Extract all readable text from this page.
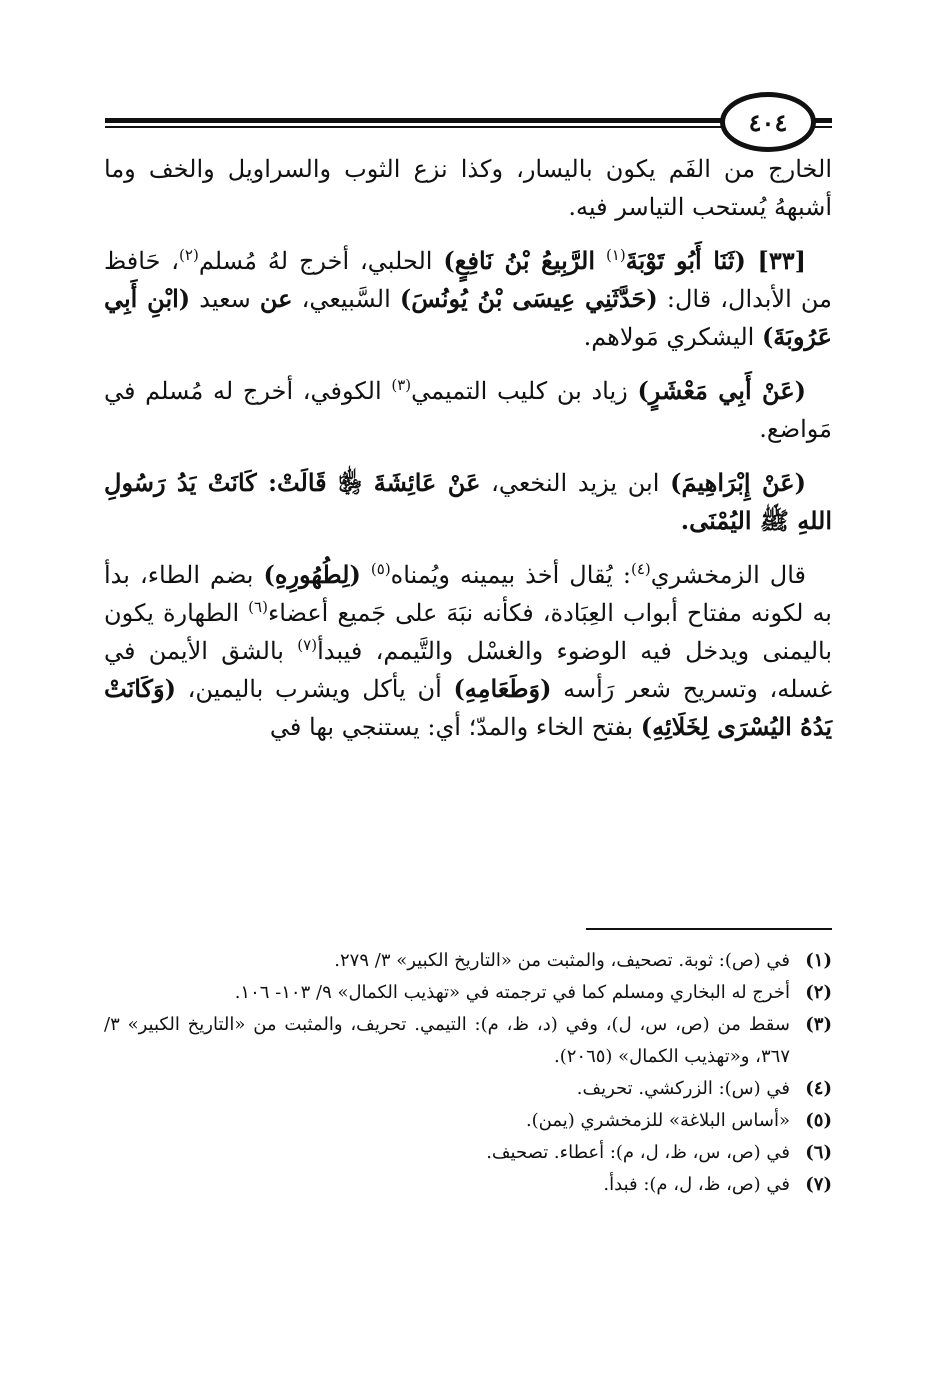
٤٠٤

الخارج من الفَم يكون باليسار، وكذا نزع الثوب والسراويل والخف وما أشبههُ يُستحب التياسر فيه.

[٣٣] (ثَنَا أَبُو تَوْبَةَ$^{(١)}$ الرَّبِيعُ بْنُ نَافِعٍ) الحلبي، أخرج لهُ مُسلم$^{(٢)}$، حَافظ من الأبدال، قال: (حَدَّثَنِي عِيسَى بْنُ يُونُسَ) السَّبيعي، عن سعيد (ابْنِ أَبِي عَرُوبَةَ) اليشكري مَولاهم.

(عَنْ أَبِي مَعْشَرٍ) زياد بن كليب التميمي$^{(٣)}$ الكوفي، أخرج له مُسلم في مَواضع.

(عَنْ إِبْرَاهِيمَ) ابن يزيد النخعي، عَنْ عَائِشَةَ ﵂ قَالَتْ: كَانَتْ يَدُ رَسُولِ اللهِ ﷺ اليُمْنَى.

قال الزمخشري$^{(٤)}$: يُقال أخذ بيمينه ويُمناه$^{(٥)}$ (لِطُهُورِهِ) بضم الطاء، بدأ به لكونه مفتاح أبواب العِبَادة، فكأنه نبَهَ على جَميع أعضاء$^{(٦)}$ الطهارة يكون باليمنى ويدخل فيه الوضوء والغسْل والتَّيمم، فيبدأ$^{(٧)}$ بالشق الأيمن في غسله، وتسريح شعر رَأسه (وَطَعَامِهِ) أن يأكل ويشرب باليمين، (وَكَانَتْ يَدُهُ اليُسْرَى لِخَلَائِهِ) بفتح الخاء والمدّ؛ أي: يستنجي بها في

(١)
في (ص): ثوبة. تصحيف، والمثبت من «التاريخ الكبير» ٣/ ٢٧٩.
(٢)
أخرج له البخاري ومسلم كما في ترجمته في «تهذيب الكمال» ٩/ ١٠٣- ١٠٦.
(٣)
سقط من (ص، س، ل)، وفي (د، ظ، م): التيمي. تحريف، والمثبت من «التاريخ الكبير» ٣/ ٣٦٧، و«تهذيب الكمال» (٢٠٦٥).
(٤)
في (س): الزركشي. تحريف.
(٥)
«أساس البلاغة» للزمخشري (يمن).
(٦)
في (ص، س، ظ، ل، م): أعطاء. تصحيف.
(٧)
في (ص، ظ، ل، م): فبدأ.
